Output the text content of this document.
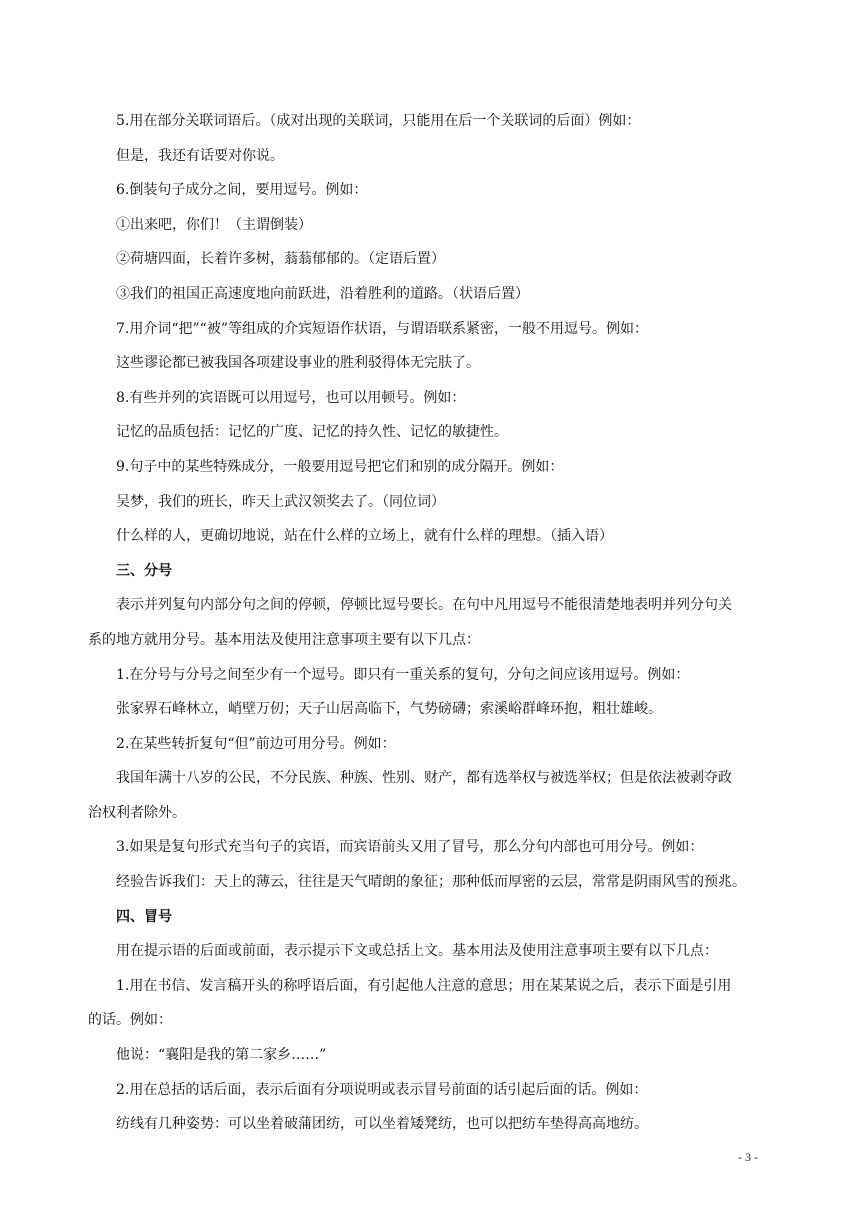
5.用在部分关联词语后。（成对出现的关联词，只能用在后一个关联词的后面）例如：
但是，我还有话要对你说。
6.倒装句子成分之间，要用逗号。例如：
①出来吧，你们！（主谓倒装）
②荷塘四面，长着许多树，蓊蓊郁郁的。（定语后置）
③我们的祖国正高速度地向前跃进，沿着胜利的道路。（状语后置）
7.用介词“把”“被”等组成的介宾短语作状语，与谓语联系紧密，一般不用逗号。例如：
这些谬论都已被我国各项建设事业的胜利驳得体无完肤了。
8.有些并列的宾语既可以用逗号，也可以用顿号。例如：
记忆的品质包括：记忆的广度、记忆的持久性、记忆的敏捷性。
9.句子中的某些特殊成分，一般要用逗号把它们和别的成分隔开。例如：
吴梦，我们的班长，昨天上武汉领奖去了。（同位词）
什么样的人，更确切地说，站在什么样的立场上，就有什么样的理想。（插入语）
三、分号
表示并列复句内部分句之间的停顿，停顿比逗号要长。在句中凡用逗号不能很清楚地表明并列分句关
系的地方就用分号。基本用法及使用注意事项主要有以下几点：
1.在分号与分号之间至少有一个逗号。即只有一重关系的复句，分句之间应该用逗号。例如：
张家界石峰林立，峭壁万仞；天子山居高临下，气势磅礴；索溪峪群峰环抱，粗壮雄峻。
2.在某些转折复句“但”前边可用分号。例如：
我国年满十八岁的公民，不分民族、种族、性别、财产，都有选举权与被选举权；但是依法被剥夺政
治权利者除外。
3.如果是复句形式充当句子的宾语，而宾语前头又用了冒号，那么分句内部也可用分号。例如：
经验告诉我们：天上的薄云，往往是天气晴朗的象征；那种低而厚密的云层，常常是阴雨风雪的预兆。
四、冒号
用在提示语的后面或前面，表示提示下文或总括上文。基本用法及使用注意事项主要有以下几点：
1.用在书信、发言稿开头的称呼语后面，有引起他人注意的意思；用在某某说之后，表示下面是引用
的话。例如：
他说：“襄阳是我的第二家乡……”
2.用在总括的话后面，表示后面有分项说明或表示冒号前面的话引起后面的话。例如：
纺线有几种姿势：可以坐着破蒲团纺，可以坐着矮凳纺，也可以把纺车垫得高高地纺。
- 3 -
